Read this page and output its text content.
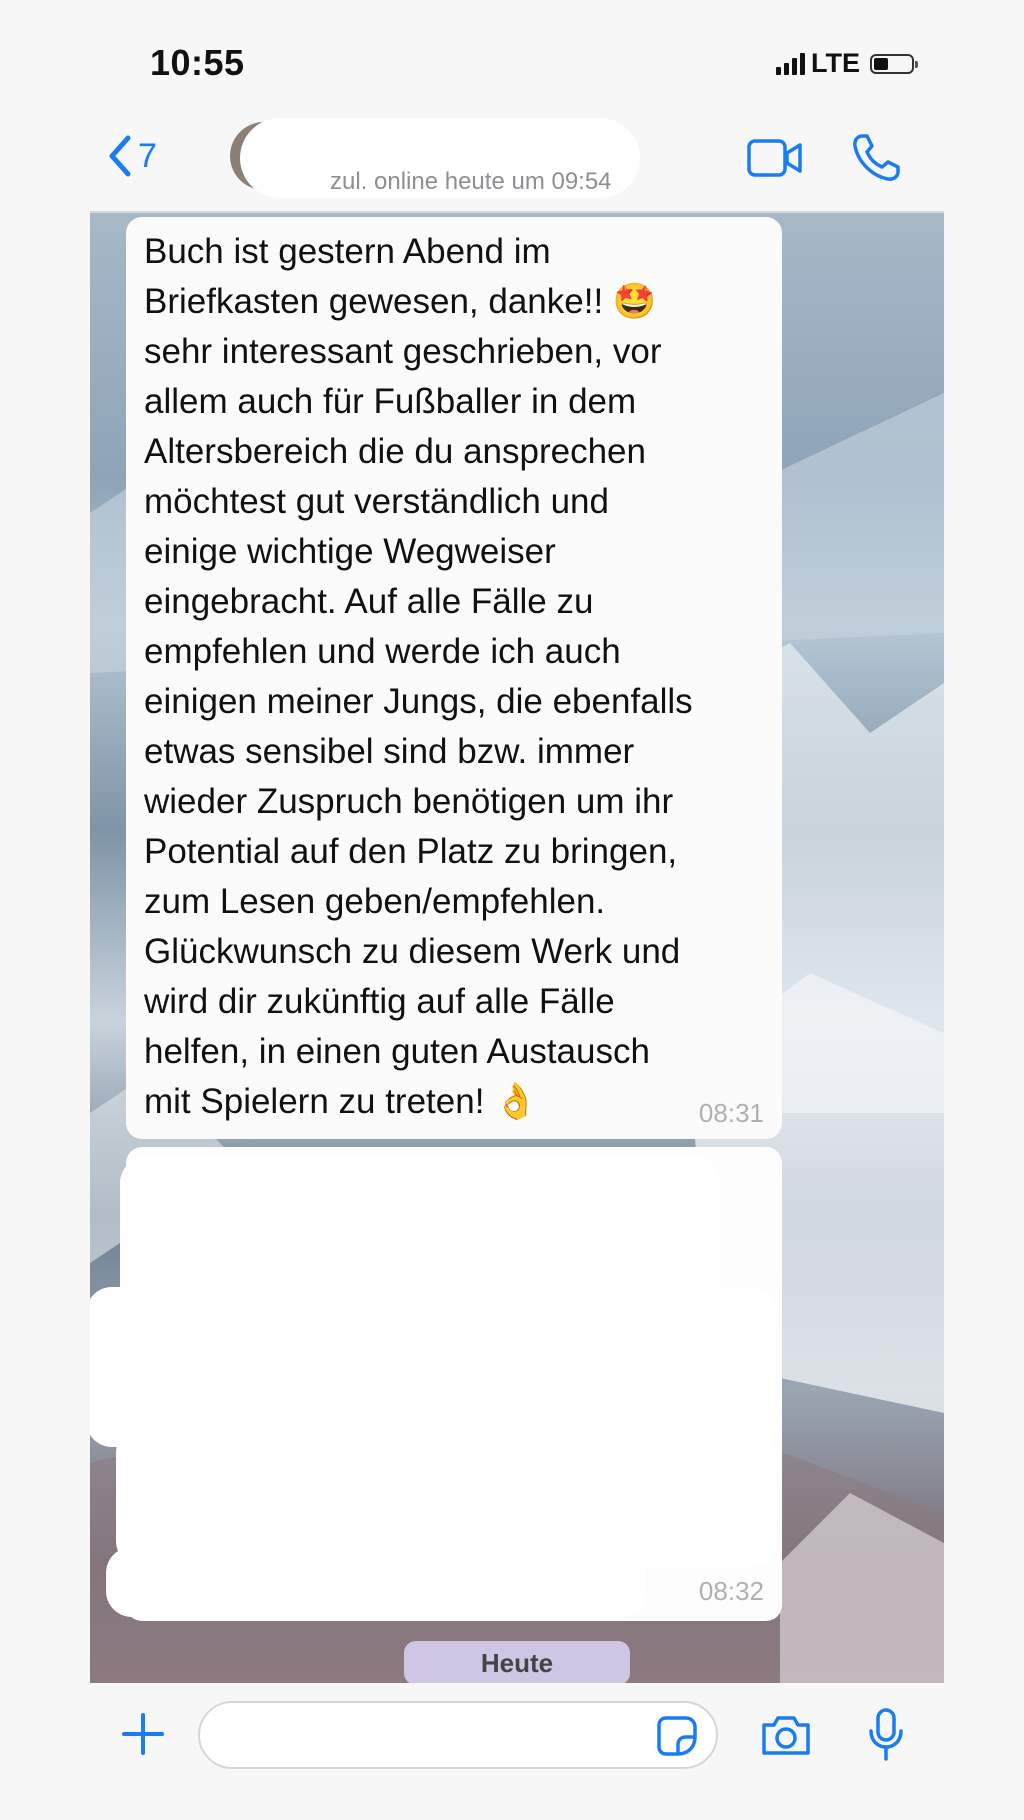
10:55	LTE
7
zul. online heute um 09:54
Buch ist gestern Abend im
Briefkasten gewesen, danke!! 🤩
sehr interessant geschrieben, vor
allem auch für Fußballer in dem
Altersbereich die du ansprechen
möchtest gut verständlich und
einige wichtige Wegweiser
eingebracht. Auf alle Fälle zu
empfehlen und werde ich auch
einigen meiner Jungs, die ebenfalls
etwas sensibel sind bzw. immer
wieder Zuspruch benötigen um ihr
Potential auf den Platz zu bringen,
zum Lesen geben/empfehlen.
Glückwunsch zu diesem Werk und
wird dir zukünftig auf alle Fälle
helfen, in einen guten Austausch
mit Spielern zu treten! 👌	08:31
08:32
Heute
